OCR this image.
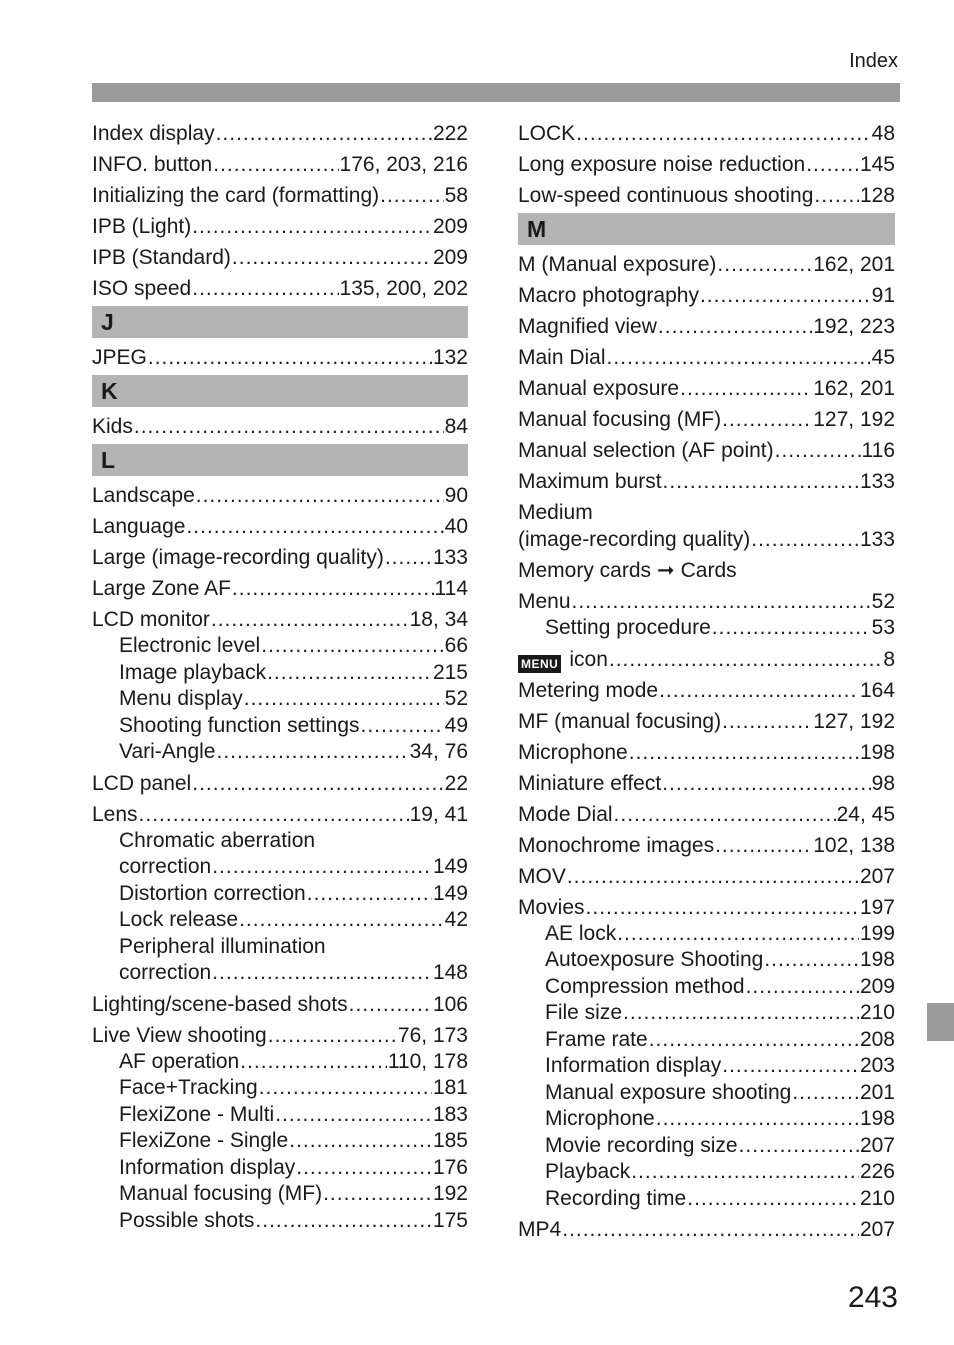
Index
Index display .....	222
INFO. button .....	176, 203, 216
Initializing the card (formatting) .....	58
IPB (Light) .....	209
IPB (Standard) .....	209
ISO speed .....	135, 200, 202
J
JPEG .....	132
K
Kids .....	84
L
Landscape .....	90
Language .....	40
Large (image-recording quality) ..... 133
Large Zone AF .....	114
LCD monitor .....	18, 34
Electronic level .....	66
Image playback .....	215
Menu display .....	52
Shooting function settings .....	49
Vari-Angle .....	34, 76
LCD panel .....	22
Lens .....	19, 41
Chromatic aberration
correction .....	149
Distortion correction .....	149
Lock release .....	42
Peripheral illumination
correction .....	148
Lighting/scene-based shots .....	106
Live View shooting .....	76, 173
AF operation .....	110, 178
Face+Tracking .....	181
FlexiZone - Multi .....	183
FlexiZone - Single .....	185
Information display .....	176
Manual focusing (MF) .....	192
Possible shots .....	175
LOCK .....	48
Long exposure noise reduction .....	145
Low-speed continuous shooting ..... 128
M
M (Manual exposure) .....	162, 201
Macro photography .....	91
Magnified view .....	192, 223
Main Dial .....	45
Manual exposure .....	162, 201
Manual focusing (MF) .....	127, 192
Manual selection (AF point) .....	116
Maximum burst .....	133
Medium
(image-recording quality) .....	133
Memory cards ➞ Cards
Menu .....	52
Setting procedure .....	53
MENU icon .....	8
Metering mode .....	164
MF (manual focusing) .....	127, 192
Microphone .....	198
Miniature effect .....	98
Mode Dial .....	24, 45
Monochrome images .....	102, 138
MOV .....	207
Movies .....	197
AE lock .....	199
Autoexposure Shooting .....	198
Compression method .....	209
File size .....	210
Frame rate .....	208
Information display .....	203
Manual exposure shooting .....	201
Microphone .....	198
Movie recording size .....	207
Playback .....	226
Recording time .....	210
MP4 .....	207
243
